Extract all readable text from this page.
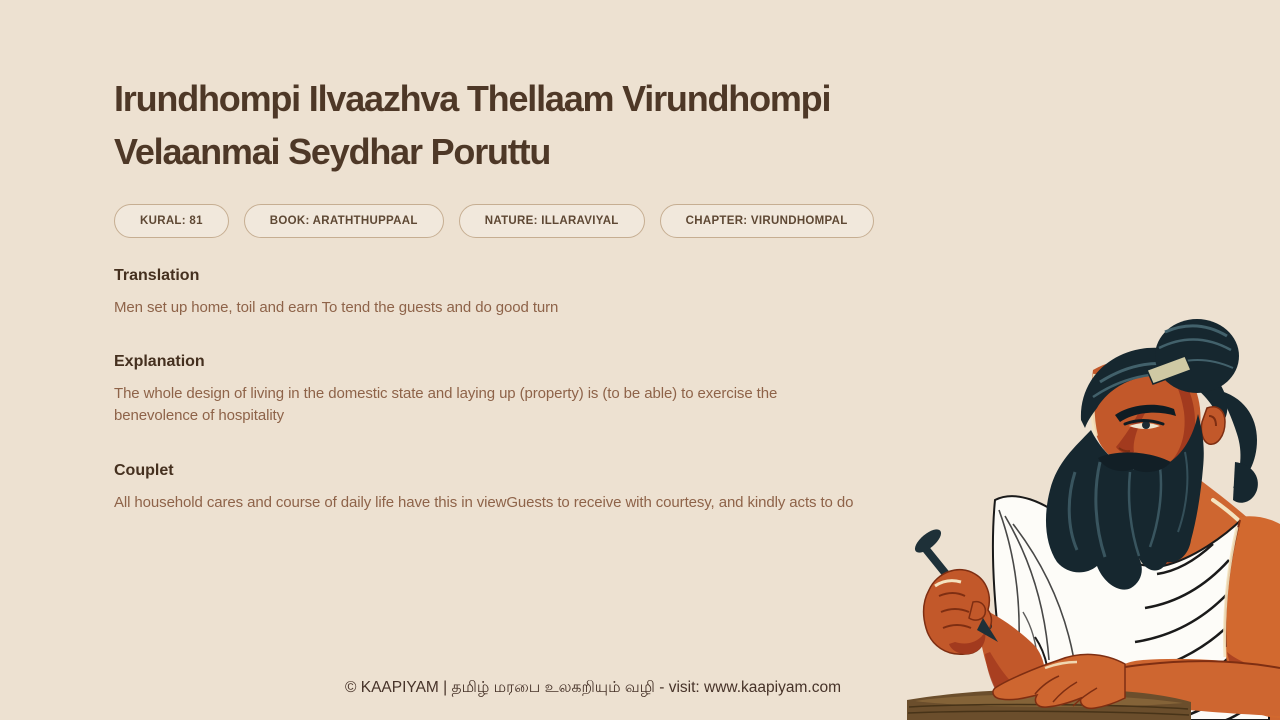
Irundhompi Ilvaazhva Thellaam Virundhompi Velaanmai Seydhar Poruttu
KURAL: 81	BOOK: ARATHTHUPPAAL	NATURE: ILLARAVIYAL	CHAPTER: VIRUNDHOMPAL
Translation

Men set up home, toil and earn To tend the guests and do good turn

Explanation

The whole design of living in the domestic state and laying up (property) is (to be able) to exercise the benevolence of hospitality

Couplet

All household cares and course of daily life have this in viewGuests to receive with courtesy, and kindly acts to do

© KAAPIYAM | தமிழ் மரபை உலகறியும் வழி - visit: www.kaapiyam.com
